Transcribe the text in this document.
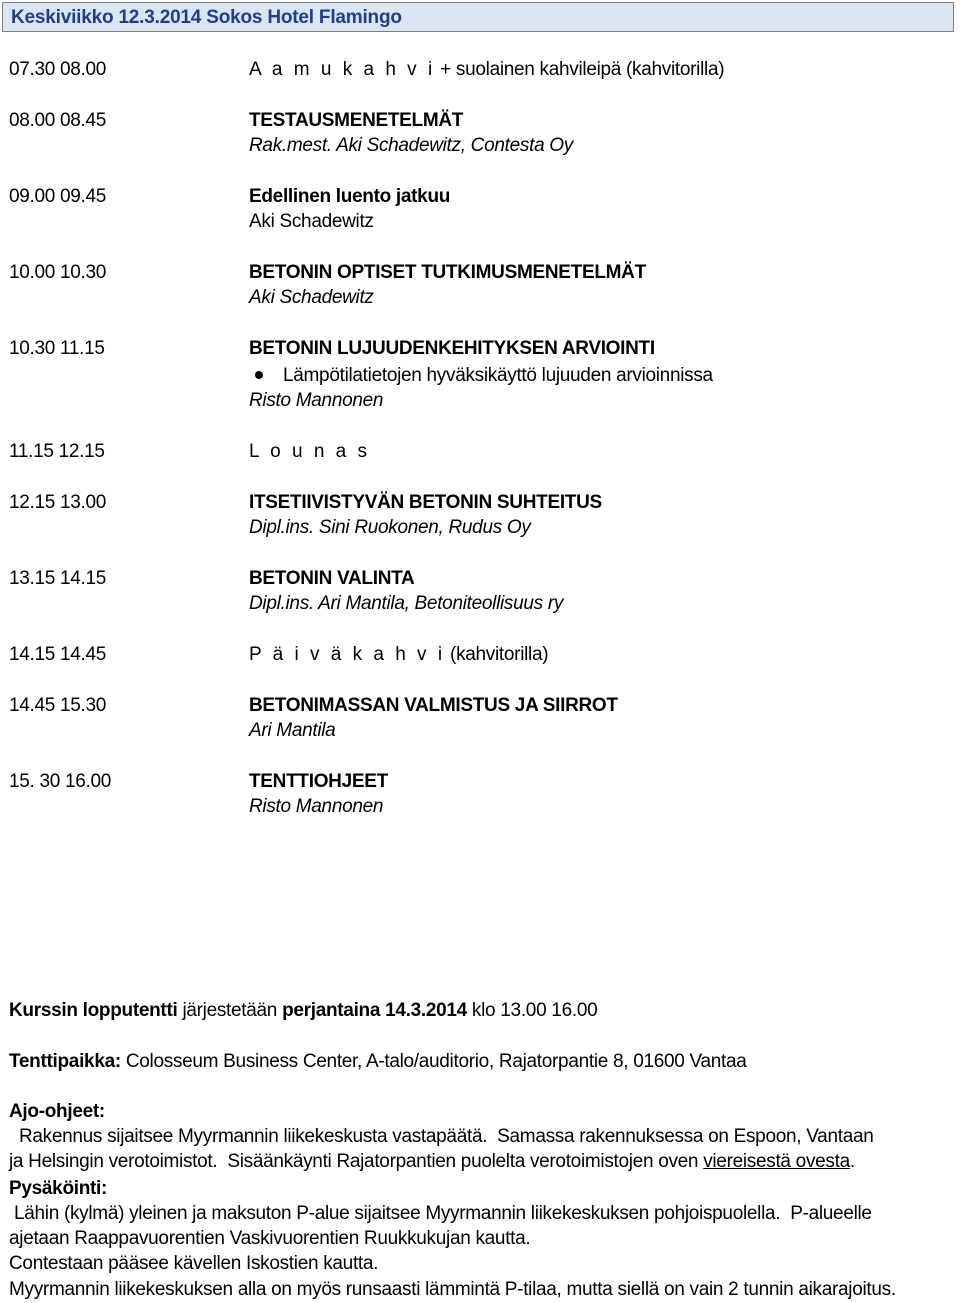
Keskiviikko 12.3.2014 Sokos Hotel Flamingo
07.30 08.00	A a m u k a h v i + suolainen kahvileipä (kahvitorilla)
08.00 08.45	TESTAUSMENETELMÄT
Rak.mest. Aki Schadewitz, Contesta Oy
09.00 09.45	Edellinen luento jatkuu
Aki Schadewitz
10.00 10.30	BETONIN OPTISET TUTKIMUSMENETELMÄT
Aki Schadewitz
10.30 11.15	BETONIN LUJUUDENKEHITYKSEN ARVIOINTI
Lämpötilatietojen hyväksikäyttö lujuuden arvioinnissa
Risto Mannonen
11.15 12.15	L o u n a s
12.15 13.00	ITSETIIVISTYVÄN BETONIN SUHTEITUS
Dipl.ins. Sini Ruokonen, Rudus Oy
13.15 14.15	BETONIN VALINTA
Dipl.ins. Ari Mantila, Betoniteollisuus ry
14.15 14.45	P ä i v ä k a h v i (kahvitorilla)
14.45 15.30	BETONIMASSAN VALMISTUS JA SIIRROT
Ari Mantila
15. 30 16.00	TENTTIOHJEET
Risto Mannonen
Kurssin lopputentti järjestetään perjantaina 14.3.2014 klo 13.00 16.00
Tenttipaikka: Colosseum Business Center, A-talo/auditorio, Rajatorpantie 8, 01600 Vantaa
Ajo-ohjeet:  Rakennus sijaitsee Myyrmannin liikekeskusta vastapäätä.  Samassa rakennuksessa on Espoon, Vantaan
ja Helsingin verotoimistot.  Sisäänkäynti Rajatorpantien puolelta verotoimistojen oven viereisestä ovesta.
Pysäköinti: Lähin (kylmä) yleinen ja maksuton P-alue sijaitsee Myyrmannin liikekeskuksen pohjoispuolella.  P-alueelle
ajetaan Raappavuorentien Vaskivuorentien Ruukkukujan kautta.
Contestaan pääsee kävellen Iskostien kautta.
Myyrmannin liikekeskuksen alla on myös runsaasti lämmintä P-tilaa, mutta siellä on vain 2 tunnin aikarajoitus.
